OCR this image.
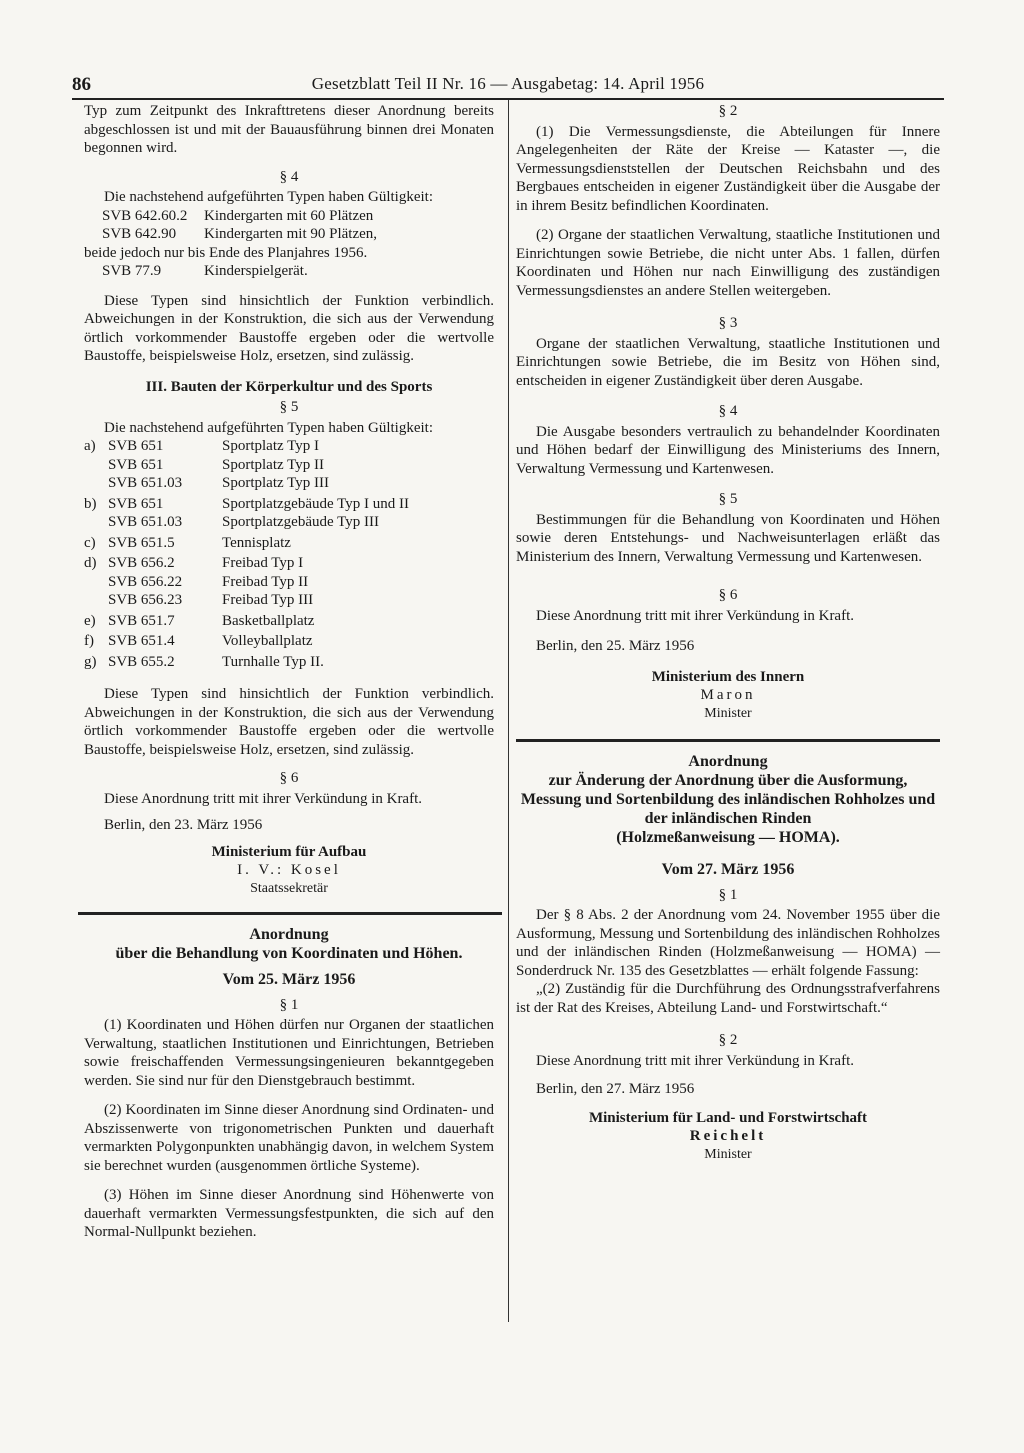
86	Gesetzblatt Teil II Nr. 16 — Ausgabetag: 14. April 1956

Typ zum Zeitpunkt des Inkrafttretens dieser Anordnung bereits abgeschlossen ist und mit der Bauausführung binnen drei Monaten begonnen wird.

§ 4

Die nachstehend aufgeführten Typen haben Gültigkeit:

SVB 642.60.2	Kindergarten mit 60 Plätzen
SVB 642.90	Kindergarten mit 90 Plätzen,

beide jedoch nur bis Ende des Planjahres 1956.

SVB 77.9	Kinderspielgerät.

Diese Typen sind hinsichtlich der Funktion verbindlich. Abweichungen in der Konstruktion, die sich aus der Verwendung örtlich vorkommender Baustoffe ergeben oder die wertvolle Baustoffe, beispielsweise Holz, ersetzen, sind zulässig.

III. Bauten der Körperkultur und des Sports
§ 5

Die nachstehend aufgeführten Typen haben Gültigkeit:

a) SVB 651	Sportplatz Typ I
SVB 651	Sportplatz Typ II
SVB 651.03	Sportplatz Typ III
b) SVB 651	Sportplatzgebäude Typ I und II
SVB 651.03	Sportplatzgebäude Typ III
c) SVB 651.5	Tennisplatz
d) SVB 656.2	Freibad Typ I
SVB 656.22	Freibad Typ II
SVB 656.23	Freibad Typ III
e) SVB 651.7	Basketballplatz
f) SVB 651.4	Volleyballplatz
g) SVB 655.2	Turnhalle Typ II.

Diese Typen sind hinsichtlich der Funktion verbindlich. Abweichungen in der Konstruktion, die sich aus der Verwendung örtlich vorkommender Baustoffe ergeben oder die wertvolle Baustoffe, beispielsweise Holz, ersetzen, sind zulässig.

§ 6

Diese Anordnung tritt mit ihrer Verkündung in Kraft.

Berlin, den 23. März 1956

Ministerium für Aufbau
I. V.: Kosel
Staatssekretär
Anordnung
über die Behandlung von Koordinaten und Höhen.
Vom 25. März 1956
§ 1

(1) Koordinaten und Höhen dürfen nur Organen der staatlichen Verwaltung, staatlichen Institutionen und Einrichtungen, Betrieben sowie freischaffenden Vermessungsingenieuren bekanntgegeben werden. Sie sind nur für den Dienstgebrauch bestimmt.

(2) Koordinaten im Sinne dieser Anordnung sind Ordinaten- und Abszissenwerte von trigonometrischen Punkten und dauerhaft vermarkten Polygonpunkten unabhängig davon, in welchem System sie berechnet wurden (ausgenommen örtliche Systeme).

(3) Höhen im Sinne dieser Anordnung sind Höhenwerte von dauerhaft vermarkten Vermessungsfestpunkten, die sich auf den Normal-Nullpunkt beziehen.

§ 2

(1) Die Vermessungsdienste, die Abteilungen für Innere Angelegenheiten der Räte der Kreise — Kataster —, die Vermessungsdienststellen der Deutschen Reichsbahn und des Bergbaues entscheiden in eigener Zuständigkeit über die Ausgabe der in ihrem Besitz befindlichen Koordinaten.

(2) Organe der staatlichen Verwaltung, staatliche Institutionen und Einrichtungen sowie Betriebe, die nicht unter Abs. 1 fallen, dürfen Koordinaten und Höhen nur nach Einwilligung des zuständigen Vermessungsdienstes an andere Stellen weitergeben.

§ 3

Organe der staatlichen Verwaltung, staatliche Institutionen und Einrichtungen sowie Betriebe, die im Besitz von Höhen sind, entscheiden in eigener Zuständigkeit über deren Ausgabe.

§ 4

Die Ausgabe besonders vertraulich zu behandelnder Koordinaten und Höhen bedarf der Einwilligung des Ministeriums des Innern, Verwaltung Vermessung und Kartenwesen.

§ 5

Bestimmungen für die Behandlung von Koordinaten und Höhen sowie deren Entstehungs- und Nachweisunterlagen erläßt das Ministerium des Innern, Verwaltung Vermessung und Kartenwesen.

§ 6

Diese Anordnung tritt mit ihrer Verkündung in Kraft.

Berlin, den 25. März 1956

Ministerium des Innern
Maron
Minister
Anordnung
zur Änderung der Anordnung über die Ausformung,
Messung und Sortenbildung des inländischen Rohholzes und der inländischen Rinden
(Holzmeßanweisung — HOMA).
Vom 27. März 1956
§ 1

Der § 8 Abs. 2 der Anordnung vom 24. November 1955 über die Ausformung, Messung und Sortenbildung des inländischen Rohholzes und der inländischen Rinden (Holzmeßanweisung — HOMA) — Sonderdruck Nr. 135 des Gesetzblattes — erhält folgende Fassung:

„(2) Zuständig für die Durchführung des Ordnungsstrafverfahrens ist der Rat des Kreises, Abteilung Land- und Forstwirtschaft.“

§ 2

Diese Anordnung tritt mit ihrer Verkündung in Kraft.

Berlin, den 27. März 1956

Ministerium für Land- und Forstwirtschaft
Reichelt
Minister
